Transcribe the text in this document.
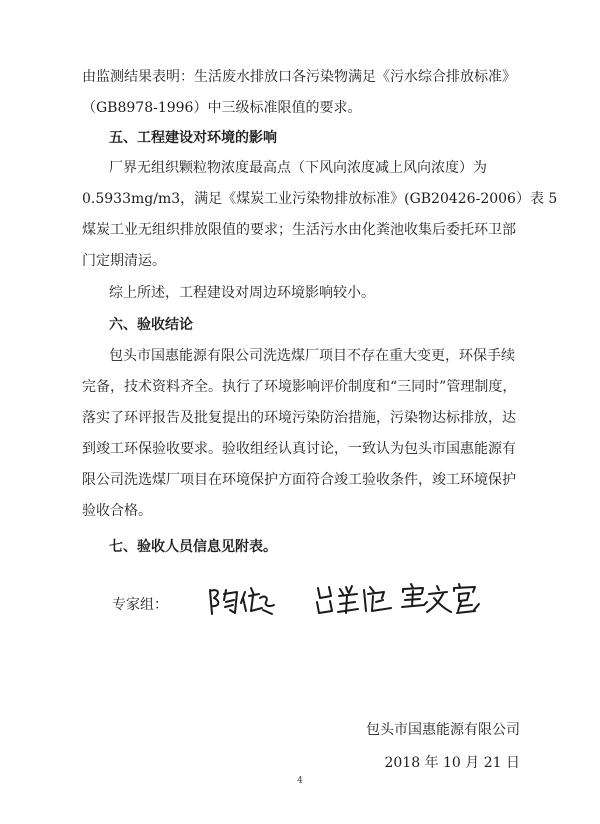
由监测结果表明：生活废水排放口各污染物满足《污水综合排放标准》

（GB8978-1996）中三级标准限值的要求。

五、工程建设对环境的影响

厂界无组织颗粒物浓度最高点（下风向浓度减上风向浓度）为

0.5933mg/m3，满足《煤炭工业污染物排放标准》(GB20426-2006）表 5

煤炭工业无组织排放限值的要求；生活污水由化粪池收集后委托环卫部

门定期清运。

综上所述，工程建设对周边环境影响较小。

六、验收结论

包头市国惠能源有限公司洗选煤厂项目不存在重大变更，环保手续

完备，技术资料齐全。执行了环境影响评价制度和“三同时”管理制度，

落实了环评报告及批复提出的环境污染防治措施，污染物达标排放，达

到竣工环保验收要求。验收组经认真讨论，一致认为包头市国惠能源有

限公司洗选煤厂项目在环境保护方面符合竣工验收条件，竣工环境保护

验收合格。

七、验收人员信息见附表。

专家组：
包头市国惠能源有限公司
2018 年 10 月 21 日
4
